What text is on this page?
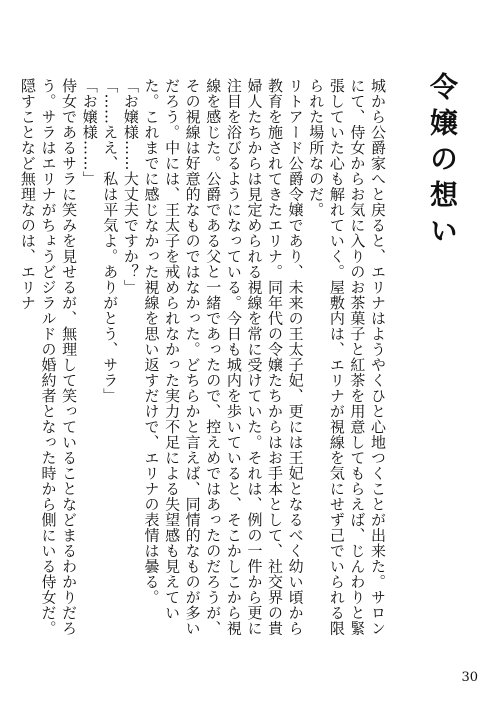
令嬢の想い

城から公爵家へと戻ると、エリナはようやくひと心地つくことが出来た。サロンにて、侍女からお気に入りのお茶菓子と紅茶を用意してもらえば、じんわりと緊張していた心も解れていく。屋敷内は、エリナが視線を気にせず己でいられる限られた場所なのだ。

リトアード公爵令嬢であり、未来の王太子妃、更には王妃となるべく幼い頃から教育を施されてきたエリナ。同年代の令嬢たちからはお手本として、社交界の貴婦人たちからは見定められる視線を常に受けていた。それは、例の一件から更に注目を浴びるようになっている。今日も城内を歩いていると、そこかしこから視線を感じた。公爵である父と一緒であったので、控えめではあったのだろうが、その視線は好意的なものではなかった。どちらかと言えば、同情的なものが多いだろう。中には、王太子を戒められなかった実力不足による失望感も見えていた。これまでに感じなかった視線を思い返すだけで、エリナの表情は曇る。

「お嬢様……大丈夫ですか？」

「……ええ、私は平気よ。ありがとう、サラ」

「お嬢様……」

侍女であるサラに笑みを見せるが、無理して笑っていることなどまるわかりだろう。サラはエリナがちょうどジラルドの婚約者となった時から側にいる侍女だ。隠すことなど無理なのは、エリナ

30
